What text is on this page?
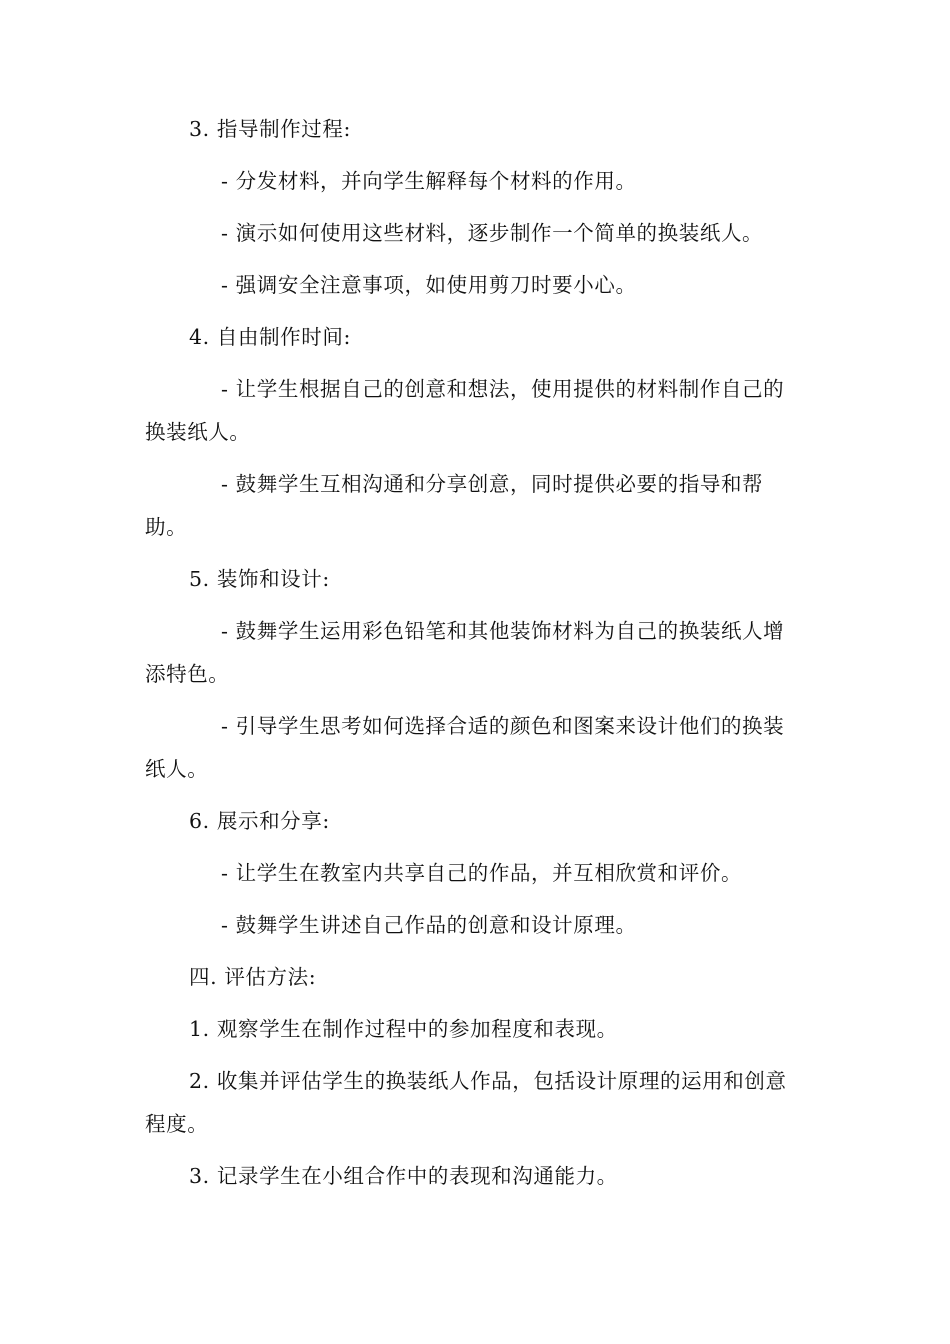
3. 指导制作过程:

- 分发材料，并向学生解释每个材料的作用。

- 演示如何使用这些材料，逐步制作一个简单的换装纸人。

- 强调安全注意事项，如使用剪刀时要小心。

4. 自由制作时间:

- 让学生根据自己的创意和想法，使用提供的材料制作自己的换装纸人。

- 鼓舞学生互相沟通和分享创意，同时提供必要的指导和帮助。

5. 装饰和设计:

- 鼓舞学生运用彩色铅笔和其他装饰材料为自己的换装纸人增添特色。

- 引导学生思考如何选择合适的颜色和图案来设计他们的换装纸人。

6. 展示和分享:

- 让学生在教室内共享自己的作品，并互相欣赏和评价。

- 鼓舞学生讲述自己作品的创意和设计原理。

四. 评估方法:

1. 观察学生在制作过程中的参加程度和表现。

2. 收集并评估学生的换装纸人作品，包括设计原理的运用和创意程度。

3. 记录学生在小组合作中的表现和沟通能力。
